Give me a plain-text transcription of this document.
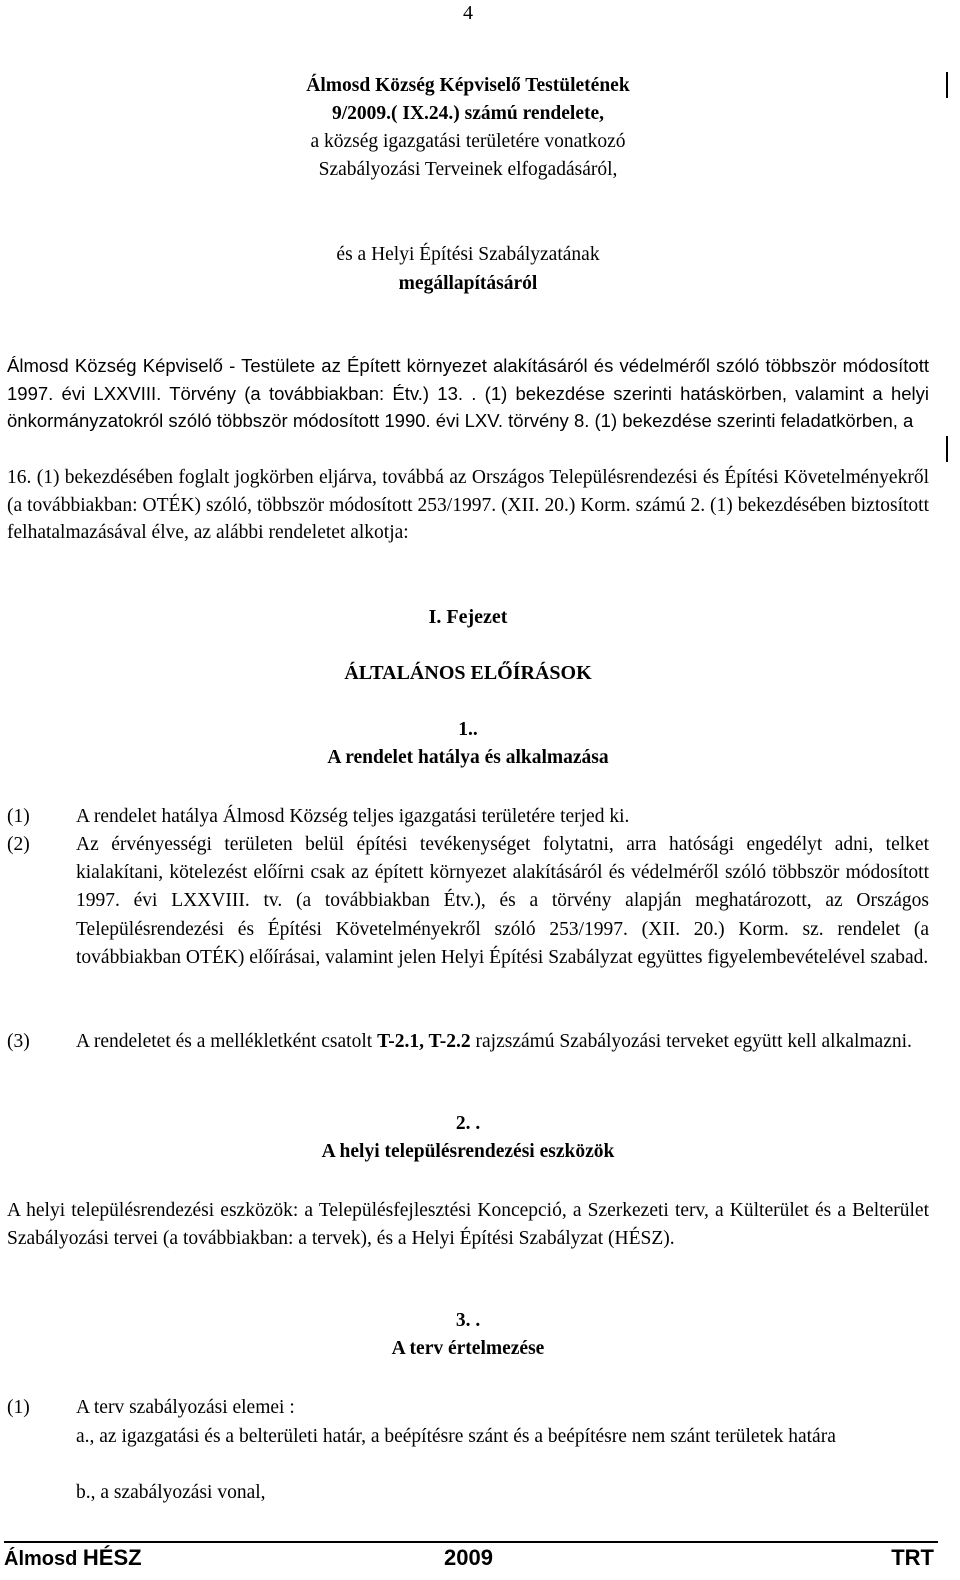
4
Álmosd Község Képviselő Testületének
9/2009.( IX.24.) számú rendelete,
a község igazgatási területére vonatkozó
Szabályozási Terveinek elfogadásáról,
és a Helyi Építési Szabályzatának
megállapításáról
Álmosd Község Képviselő - Testülete az Épített környezet alakításáról és védelméről szóló többször módosított 1997. évi LXXVIII. Törvény (a továbbiakban: Étv.) 13. . (1) bekezdése szerinti hatáskörben, valamint a helyi önkormányzatokról szóló többször módosított 1990. évi LXV. törvény 8. (1) bekezdése szerinti feladatkörben, a
16. (1) bekezdésében foglalt jogkörben eljárva, továbbá az Országos Településrendezési és Építési Követelményekről (a továbbiakban: OTÉK) szóló, többször módosított 253/1997. (XII. 20.) Korm. számú 2. (1) bekezdésében biztosított felhatalmazásával élve, az alábbi rendeletet alkotja:
I. Fejezet
ÁLTALÁNOS ELŐÍRÁSOK
1..
A rendelet hatálya és alkalmazása
(1) A rendelet hatálya Álmosd Község teljes igazgatási területére terjed ki.
(2) Az érvényességi területen belül építési tevékenységet folytatni, arra hatósági engedélyt adni, telket kialakítani, kötelezést előírni csak az épített környezet alakításáról és védelméről szóló többször módosított 1997. évi LXXVIII. tv. (a továbbiakban Étv.), és a törvény alapján meghatározott, az Országos Településrendezési és Építési Követelményekről szóló 253/1997. (XII. 20.) Korm. sz. rendelet (a továbbiakban OTÉK) előírásai, valamint jelen Helyi Építési Szabályzat együttes figyelembevételével szabad.
(3) A rendeletet és a mellékletként csatolt T-2.1, T-2.2 rajzszámú Szabályozási terveket együtt kell alkalmazni.
2. .
A helyi településrendezési eszközök
A helyi településrendezési eszközök: a Településfejlesztési Koncepció, a Szerkezeti terv, a Külterület és a Belterület Szabályozási tervei (a továbbiakban: a tervek), és a Helyi Építési Szabályzat (HÉSZ).
3. .
A terv értelmezése
(1) A terv szabályozási elemei :
a., az igazgatási és a belterületi határ, a beépítésre szánt és a beépítésre nem szánt területek határa
b., a szabályozási vonal,
Álmosd HÉSZ	2009	TRT
